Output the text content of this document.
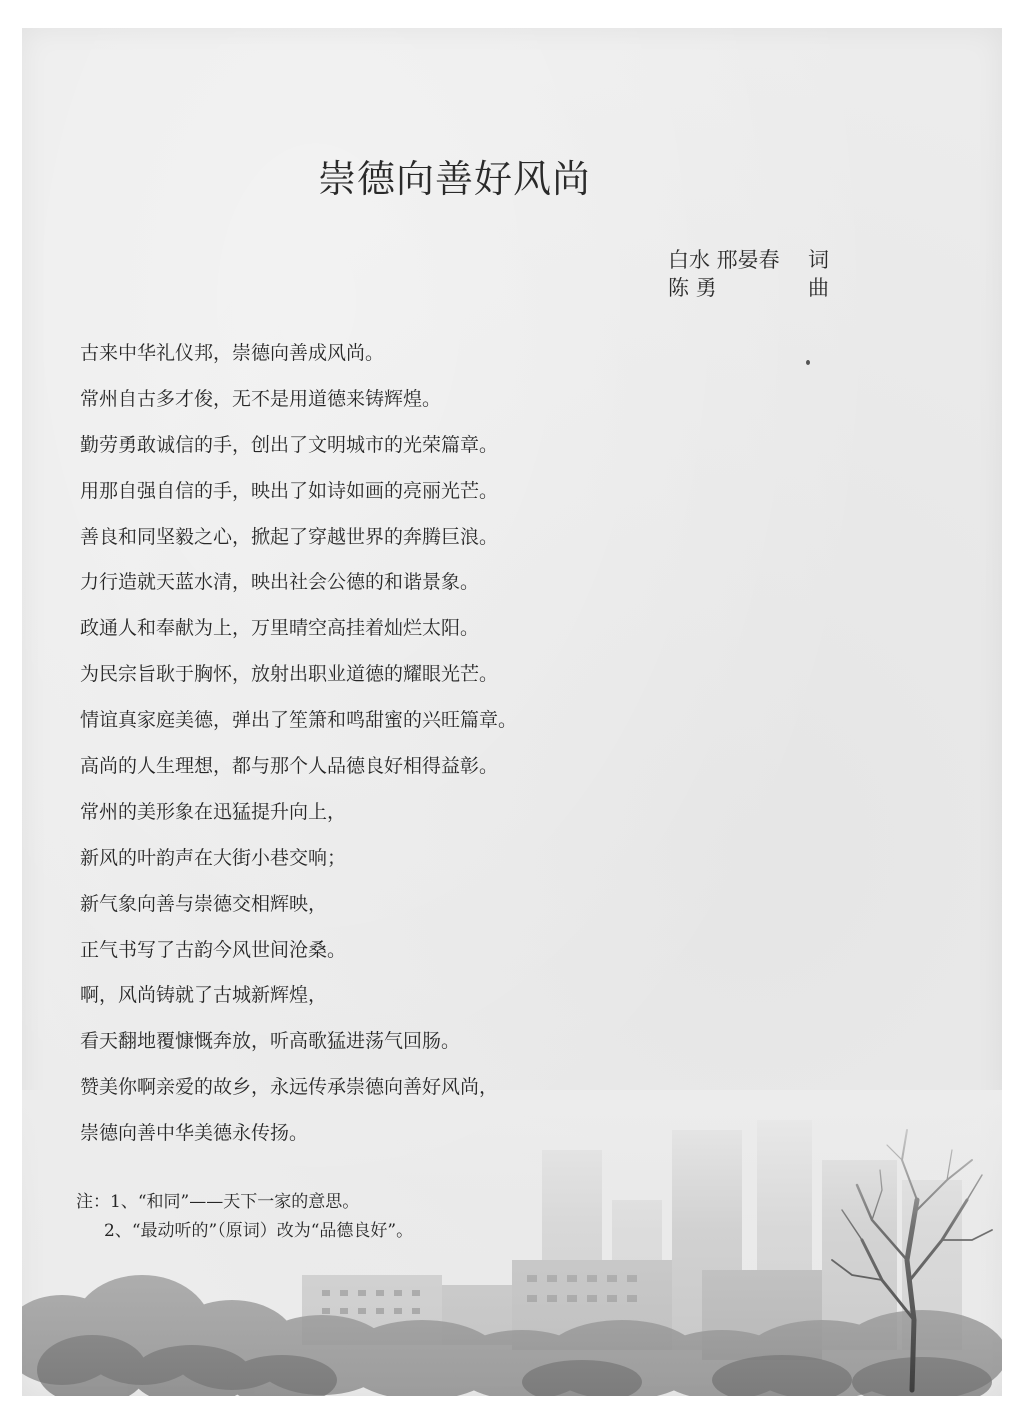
崇德向善好风尚
白水 邢晏春 词
陈 勇	曲
古来中华礼仪邦，崇德向善成风尚。
常州自古多才俊，无不是用道德来铸辉煌。
勤劳勇敢诚信的手，创出了文明城市的光荣篇章。
用那自强自信的手，映出了如诗如画的亮丽光芒。
善良和同坚毅之心，掀起了穿越世界的奔腾巨浪。
力行造就天蓝水清，映出社会公德的和谐景象。
政通人和奉献为上，万里晴空高挂着灿烂太阳。
为民宗旨耿于胸怀，放射出职业道德的耀眼光芒。
情谊真家庭美德，弹出了笙箫和鸣甜蜜的兴旺篇章。
高尚的人生理想，都与那个人品德良好相得益彰。
常州的美形象在迅猛提升向上，
新风的叶韵声在大街小巷交响；
新气象向善与崇德交相辉映，
正气书写了古韵今风世间沧桑。
啊，风尚铸就了古城新辉煌，
看天翻地覆慷慨奔放，听高歌猛进荡气回肠。
赞美你啊亲爱的故乡，永远传承崇德向善好风尚，
崇德向善中华美德永传扬。
注：1、“和同”——天下一家的意思。
2、“最动听的”（原词）改为“品德良好”。
